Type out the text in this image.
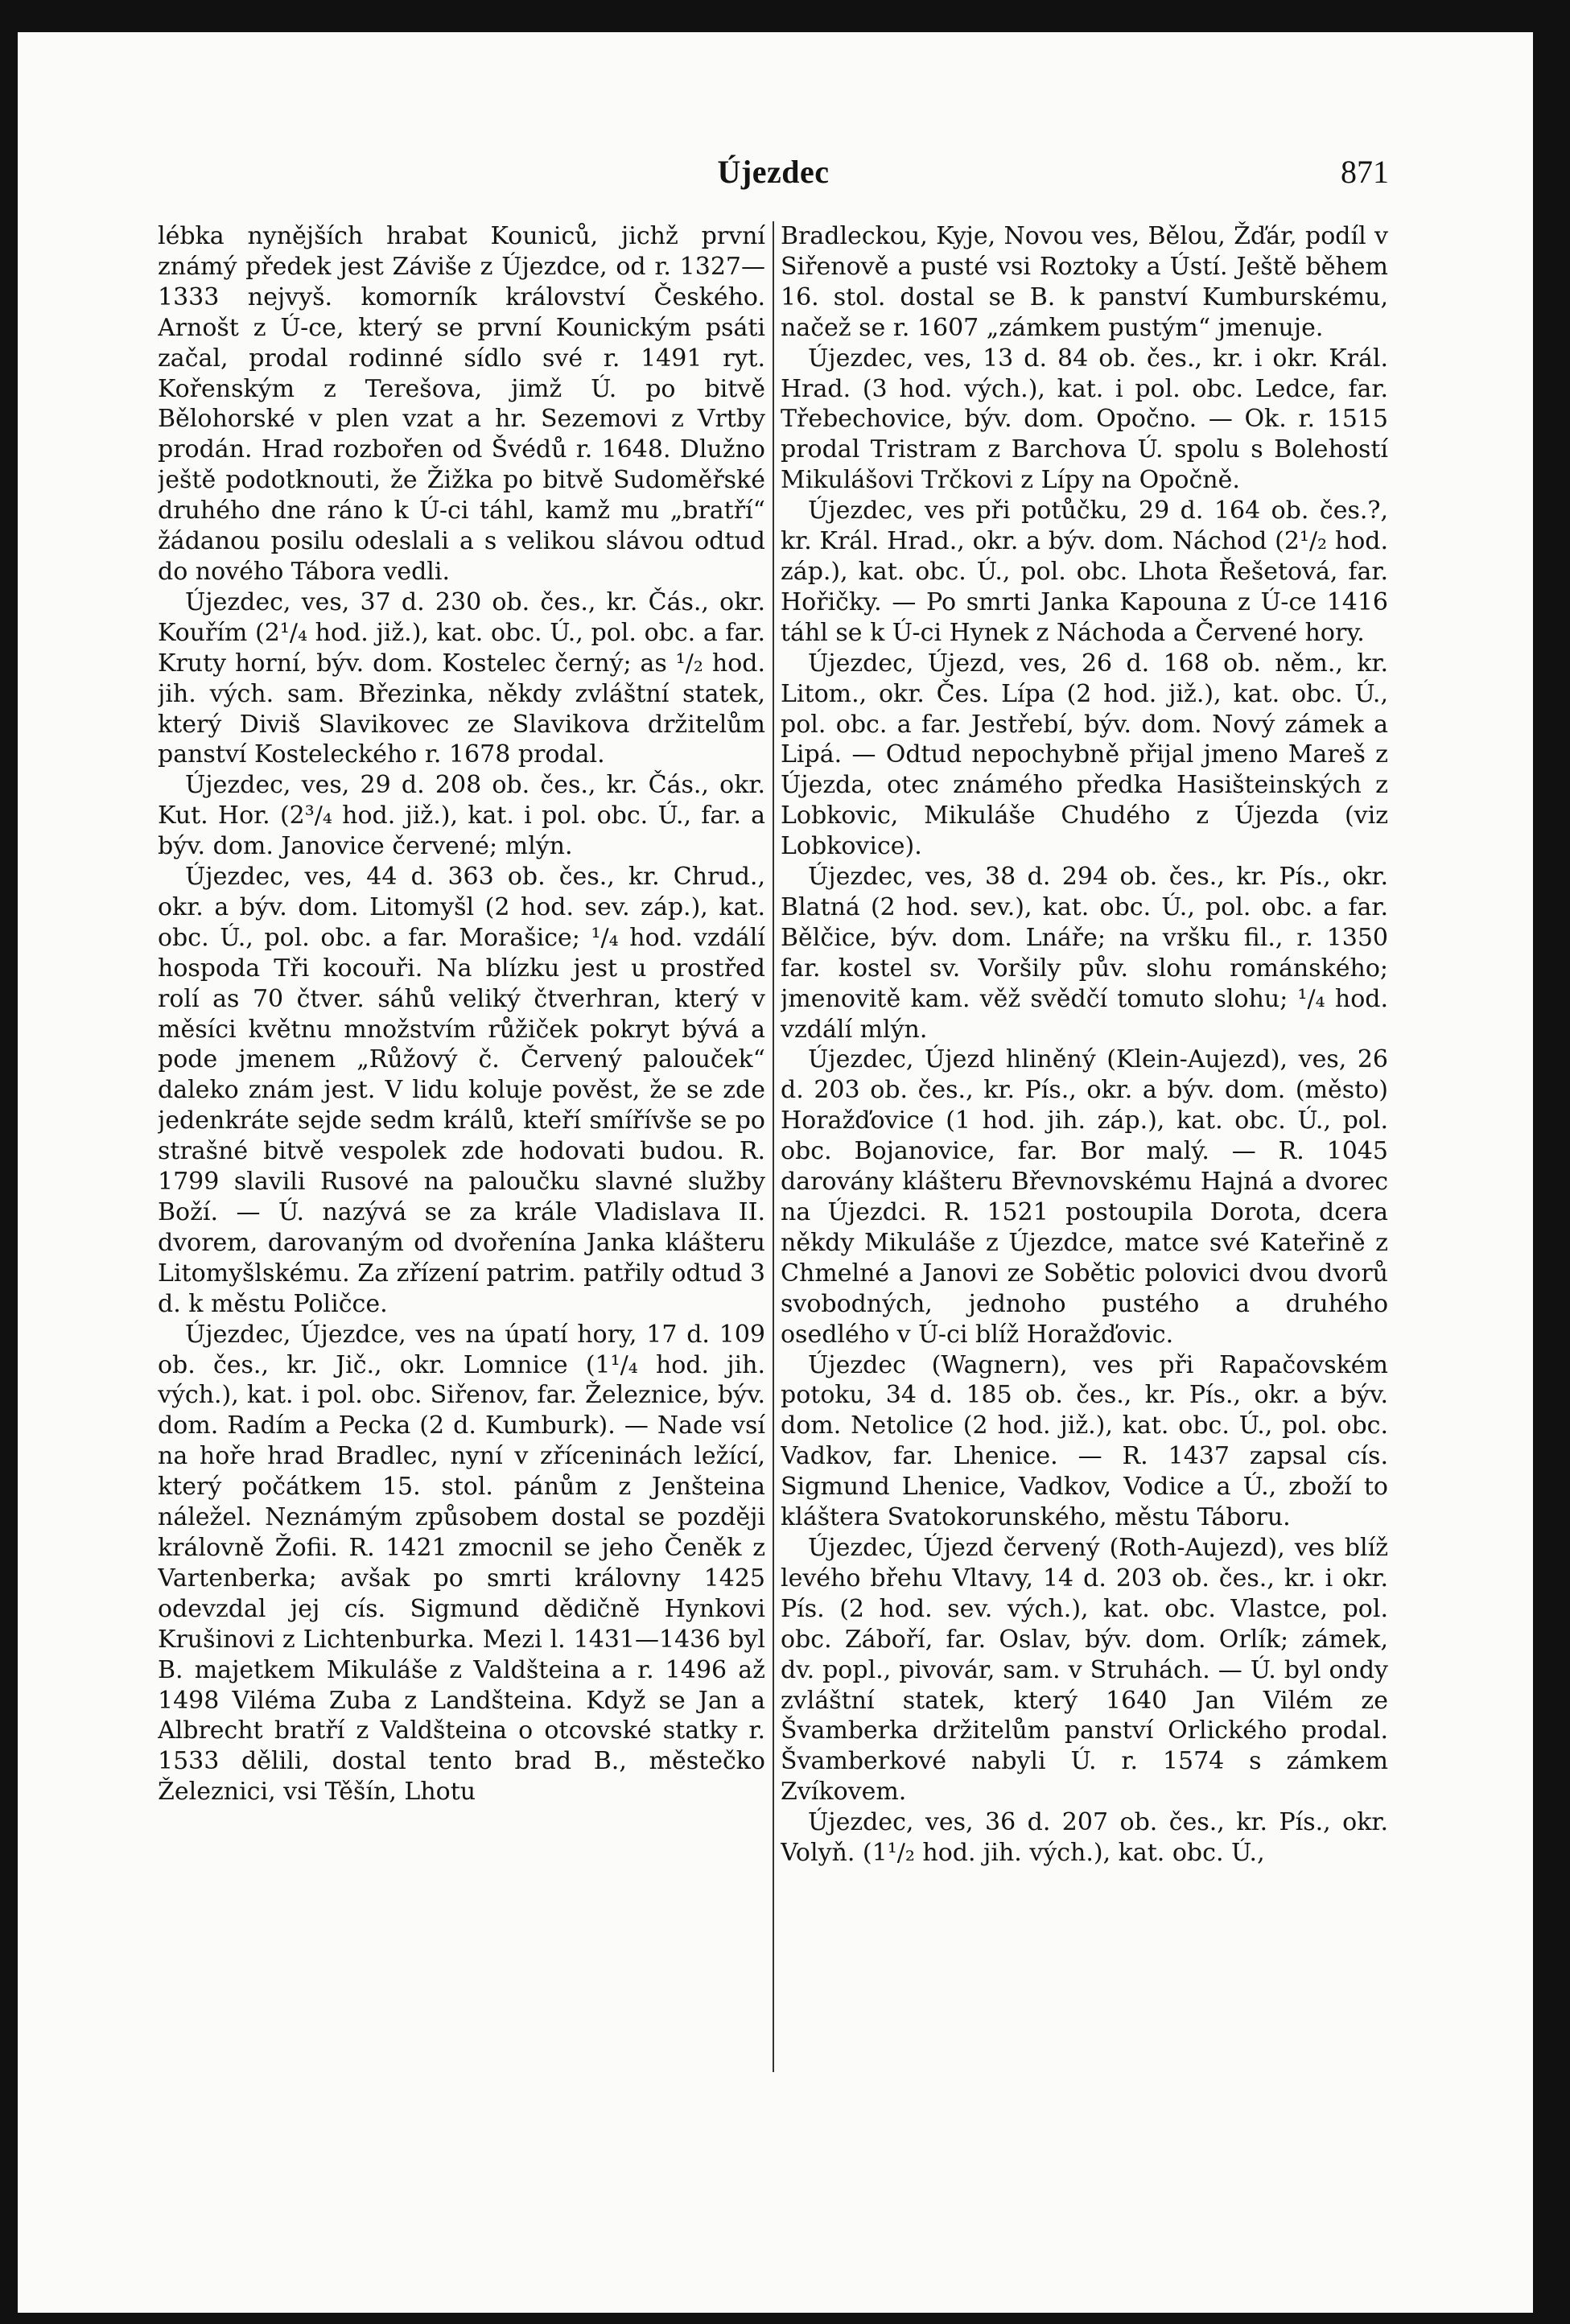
Újezdec	871

lébka nynějších hrabat Kouniců, jichž první známý předek jest Záviše z Újezdce, od r. 1327—1333 nejvyš. komorník království Českého. Arnošt z Ú-ce, který se první Kounickým psáti začal, prodal rodinné sídlo své r. 1491 ryt. Kořenským z Terešova, jimž Ú. po bitvě Bělohorské v plen vzat a hr. Sezemovi z Vrtby prodán. Hrad rozbořen od Švédů r. 1648. Dlužno ještě podotknouti, že Žižka po bitvě Sudoměřské druhého dne ráno k Ú-ci táhl, kamž mu „bratří“ žádanou posilu odeslali a s velikou slávou odtud do nového Tábora vedli.

Újezdec, ves, 37 d. 230 ob. čes., kr. Čás., okr. Kouřím (2¹/₄ hod. již.), kat. obc. Ú., pol. obc. a far. Kruty horní, býv. dom. Kostelec černý; as ¹/₂ hod. jih. vých. sam. Březinka, někdy zvláštní statek, který Diviš Slavikovec ze Slavikova držitelům panství Kosteleckého r. 1678 prodal.

Újezdec, ves, 29 d. 208 ob. čes., kr. Čás., okr. Kut. Hor. (2³/₄ hod. již.), kat. i pol. obc. Ú., far. a býv. dom. Janovice červené; mlýn.

Újezdec, ves, 44 d. 363 ob. čes., kr. Chrud., okr. a býv. dom. Litomyšl (2 hod. sev. záp.), kat. obc. Ú., pol. obc. a far. Morašice; ¹/₄ hod. vzdálí hospoda Tři kocouři. Na blízku jest u prostřed rolí as 70 čtver. sáhů veliký čtverhran, který v měsíci květnu množstvím růžiček pokryt bývá a pode jmenem „Růžový č. Červený palouček“ daleko znám jest. V lidu koluje pověst, že se zde jedenkráte sejde sedm králů, kteří smířívše se po strašné bitvě vespolek zde hodovati budou. R. 1799 slavili Rusové na paloučku slavné služby Boží. — Ú. nazývá se za krále Vladislava II. dvorem, darovaným od dvořenína Janka klášteru Litomyšlskému. Za zřízení patrim. patřily odtud 3 d. k městu Poličce.

Újezdec, Újezdce, ves na úpatí hory, 17 d. 109 ob. čes., kr. Jič., okr. Lomnice (1¹/₄ hod. jih. vých.), kat. i pol. obc. Siřenov, far. Železnice, býv. dom. Radím a Pecka (2 d. Kumburk). — Nade vsí na hoře hrad Bradlec, nyní v zříceninách ležící, který počátkem 15. stol. pánům z Jenšteina náležel. Neznámým způsobem dostal se později královně Žofii. R. 1421 zmocnil se jeho Čeněk z Vartenberka; avšak po smrti královny 1425 odevzdal jej cís. Sigmund dědičně Hynkovi Krušinovi z Lichtenburka. Mezi l. 1431—1436 byl B. majetkem Mikuláše z Valdšteina a r. 1496 až 1498 Viléma Zuba z Landšteina. Když se Jan a Albrecht bratří z Valdšteina o otcovské statky r. 1533 dělili, dostal tento brad B., městečko Železnici, vsi Těšín, Lhotu

Bradleckou, Kyje, Novou ves, Bělou, Žďár, podíl v Siřenově a pusté vsi Roztoky a Ústí. Ještě během 16. stol. dostal se B. k panství Kumburskému, načež se r. 1607 „zámkem pustým“ jmenuje.

Újezdec, ves, 13 d. 84 ob. čes., kr. i okr. Král. Hrad. (3 hod. vých.), kat. i pol. obc. Ledce, far. Třebechovice, býv. dom. Opočno. — Ok. r. 1515 prodal Tristram z Barchova Ú. spolu s Bolehostí Mikulášovi Trčkovi z Lípy na Opočně.

Újezdec, ves při potůčku, 29 d. 164 ob. čes.?, kr. Král. Hrad., okr. a býv. dom. Náchod (2¹/₂ hod. záp.), kat. obc. Ú., pol. obc. Lhota Řešetová, far. Hořičky. — Po smrti Janka Kapouna z Ú-ce 1416 táhl se k Ú-ci Hynek z Náchoda a Červené hory.

Újezdec, Újezd, ves, 26 d. 168 ob. něm., kr. Litom., okr. Čes. Lípa (2 hod. již.), kat. obc. Ú., pol. obc. a far. Jestřebí, býv. dom. Nový zámek a Lipá. — Odtud nepochybně přijal jmeno Mareš z Újezda, otec známého předka Hasišteinských z Lobkovic, Mikuláše Chudého z Újezda (viz Lobkovice).

Újezdec, ves, 38 d. 294 ob. čes., kr. Pís., okr. Blatná (2 hod. sev.), kat. obc. Ú., pol. obc. a far. Bělčice, býv. dom. Lnáře; na vršku fil., r. 1350 far. kostel sv. Voršily pův. slohu románského; jmenovitě kam. věž svědčí tomuto slohu; ¹/₄ hod. vzdálí mlýn.

Újezdec, Újezd hliněný (Klein-Aujezd), ves, 26 d. 203 ob. čes., kr. Pís., okr. a býv. dom. (město) Horažďovice (1 hod. jih. záp.), kat. obc. Ú., pol. obc. Bojanovice, far. Bor malý. — R. 1045 darovány klášteru Břevnovskému Hajná a dvorec na Újezdci. R. 1521 postoupila Dorota, dcera někdy Mikuláše z Újezdce, matce své Kateřině z Chmelné a Janovi ze Sobětic polovici dvou dvorů svobodných, jednoho pustého a druhého osedlého v Ú-ci blíž Horažďovic.

Újezdec (Wagnern), ves při Rapačovském potoku, 34 d. 185 ob. čes., kr. Pís., okr. a býv. dom. Netolice (2 hod. již.), kat. obc. Ú., pol. obc. Vadkov, far. Lhenice. — R. 1437 zapsal cís. Sigmund Lhenice, Vadkov, Vodice a Ú., zboží to kláštera Svatokorunského, městu Táboru.

Újezdec, Újezd červený (Roth-Aujezd), ves blíž levého břehu Vltavy, 14 d. 203 ob. čes., kr. i okr. Pís. (2 hod. sev. vých.), kat. obc. Vlastce, pol. obc. Záboří, far. Oslav, býv. dom. Orlík; zámek, dv. popl., pivovár, sam. v Struhách. — Ú. byl ondy zvláštní statek, který 1640 Jan Vilém ze Švamberka držitelům panství Orlického prodal. Švamberkové nabyli Ú. r. 1574 s zámkem Zvíkovem.

Újezdec, ves, 36 d. 207 ob. čes., kr. Pís., okr. Volyň. (1¹/₂ hod. jih. vých.), kat. obc. Ú.,
